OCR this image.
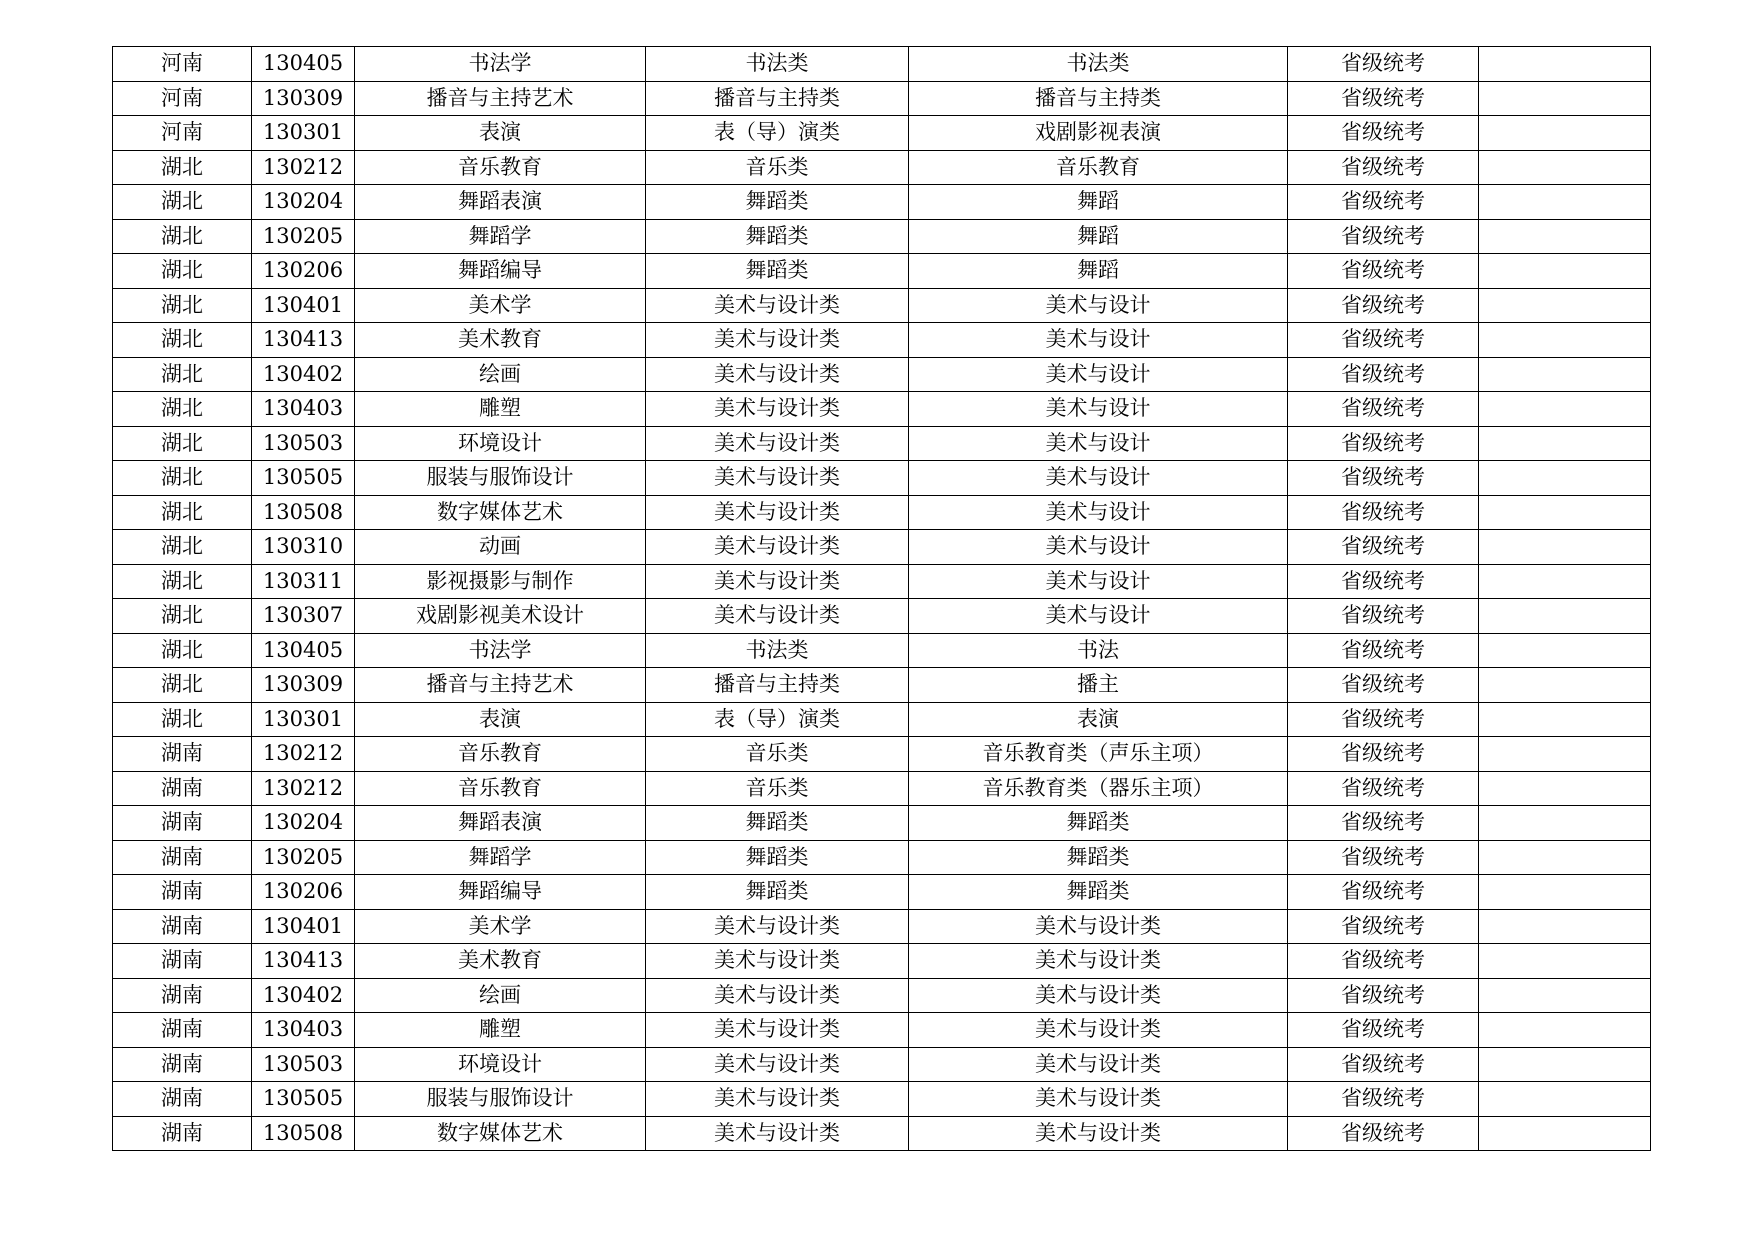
河南	130405	书法学	书法类	书法类	省级统考	
河南	130309	播音与主持艺术	播音与主持类	播音与主持类	省级统考	
河南	130301	表演	表（导）演类	戏剧影视表演	省级统考	
湖北	130212	音乐教育	音乐类	音乐教育	省级统考	
湖北	130204	舞蹈表演	舞蹈类	舞蹈	省级统考	
湖北	130205	舞蹈学	舞蹈类	舞蹈	省级统考	
湖北	130206	舞蹈编导	舞蹈类	舞蹈	省级统考	
湖北	130401	美术学	美术与设计类	美术与设计	省级统考	
湖北	130413	美术教育	美术与设计类	美术与设计	省级统考	
湖北	130402	绘画	美术与设计类	美术与设计	省级统考	
湖北	130403	雕塑	美术与设计类	美术与设计	省级统考	
湖北	130503	环境设计	美术与设计类	美术与设计	省级统考	
湖北	130505	服装与服饰设计	美术与设计类	美术与设计	省级统考	
湖北	130508	数字媒体艺术	美术与设计类	美术与设计	省级统考	
湖北	130310	动画	美术与设计类	美术与设计	省级统考	
湖北	130311	影视摄影与制作	美术与设计类	美术与设计	省级统考	
湖北	130307	戏剧影视美术设计	美术与设计类	美术与设计	省级统考	
湖北	130405	书法学	书法类	书法	省级统考	
湖北	130309	播音与主持艺术	播音与主持类	播主	省级统考	
湖北	130301	表演	表（导）演类	表演	省级统考	
湖南	130212	音乐教育	音乐类	音乐教育类（声乐主项）	省级统考	
湖南	130212	音乐教育	音乐类	音乐教育类（器乐主项）	省级统考	
湖南	130204	舞蹈表演	舞蹈类	舞蹈类	省级统考	
湖南	130205	舞蹈学	舞蹈类	舞蹈类	省级统考	
湖南	130206	舞蹈编导	舞蹈类	舞蹈类	省级统考	
湖南	130401	美术学	美术与设计类	美术与设计类	省级统考	
湖南	130413	美术教育	美术与设计类	美术与设计类	省级统考	
湖南	130402	绘画	美术与设计类	美术与设计类	省级统考	
湖南	130403	雕塑	美术与设计类	美术与设计类	省级统考	
湖南	130503	环境设计	美术与设计类	美术与设计类	省级统考	
湖南	130505	服装与服饰设计	美术与设计类	美术与设计类	省级统考	
湖南	130508	数字媒体艺术	美术与设计类	美术与设计类	省级统考	
